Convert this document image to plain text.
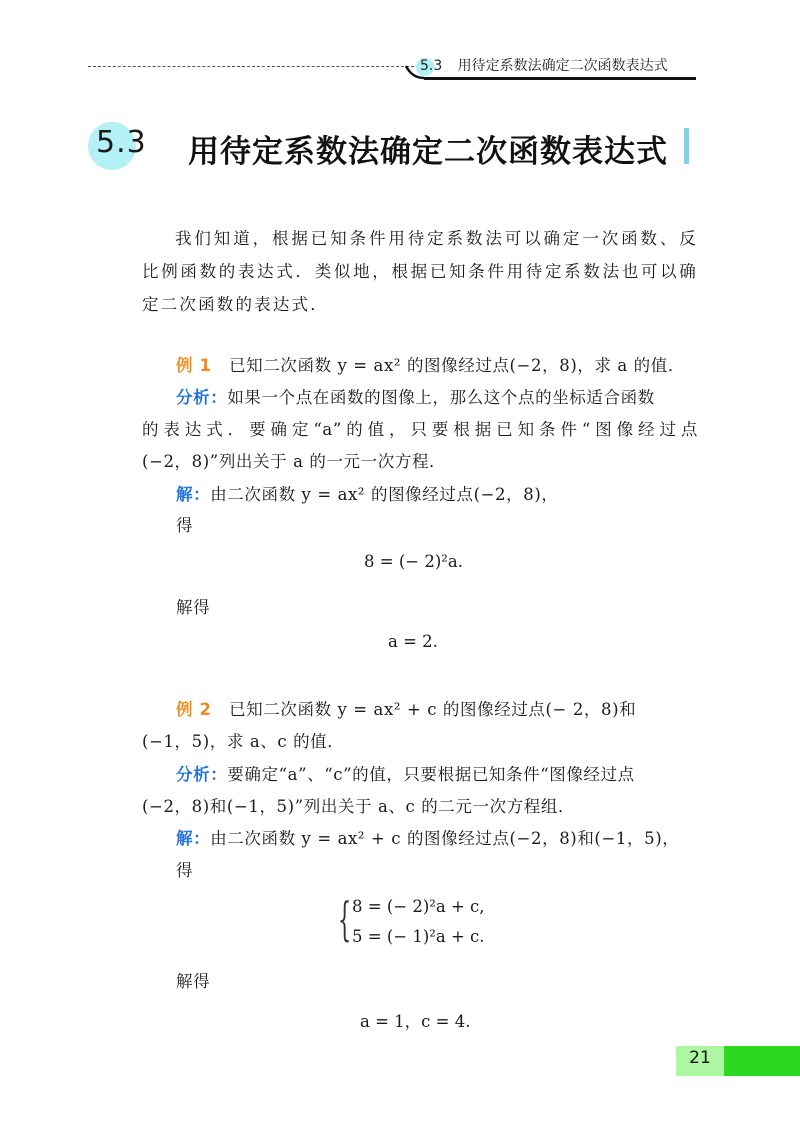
5.3 用待定系数法确定二次函数表达式
5.3 用待定系数法确定二次函数表达式

我们知道，根据已知条件用待定系数法可以确定一次函数、反比例函数的表达式．类似地，根据已知条件用待定系数法也可以确定二次函数的表达式．

例 1 已知二次函数 y = ax² 的图像经过点(−2，8)，求 a 的值．
分析：如果一个点在函数的图像上，那么这个点的坐标适合函数
的表达式．要确定“a”的值，只要根据已知条件“图像经过点
(−2，8)”列出关于 a 的一元一次方程．
解：由二次函数 y = ax² 的图像经过点(−2，8)，
得
8 = (− 2)²a.
解得
a = 2.
例 2 已知二次函数 y = ax² + c 的图像经过点(− 2，8)和
(−1，5)，求 a、c 的值．
分析：要确定“a”、“c”的值，只要根据已知条件“图像经过点
(−2，8)和(−1，5)”列出关于 a、c 的二元一次方程组．
解：由二次函数 y = ax² + c 的图像经过点(−2，8)和(−1，5)，
得
{ 8 = (− 2)²a + c,
5 = (− 1)²a + c.
解得
a = 1，c = 4.
21
